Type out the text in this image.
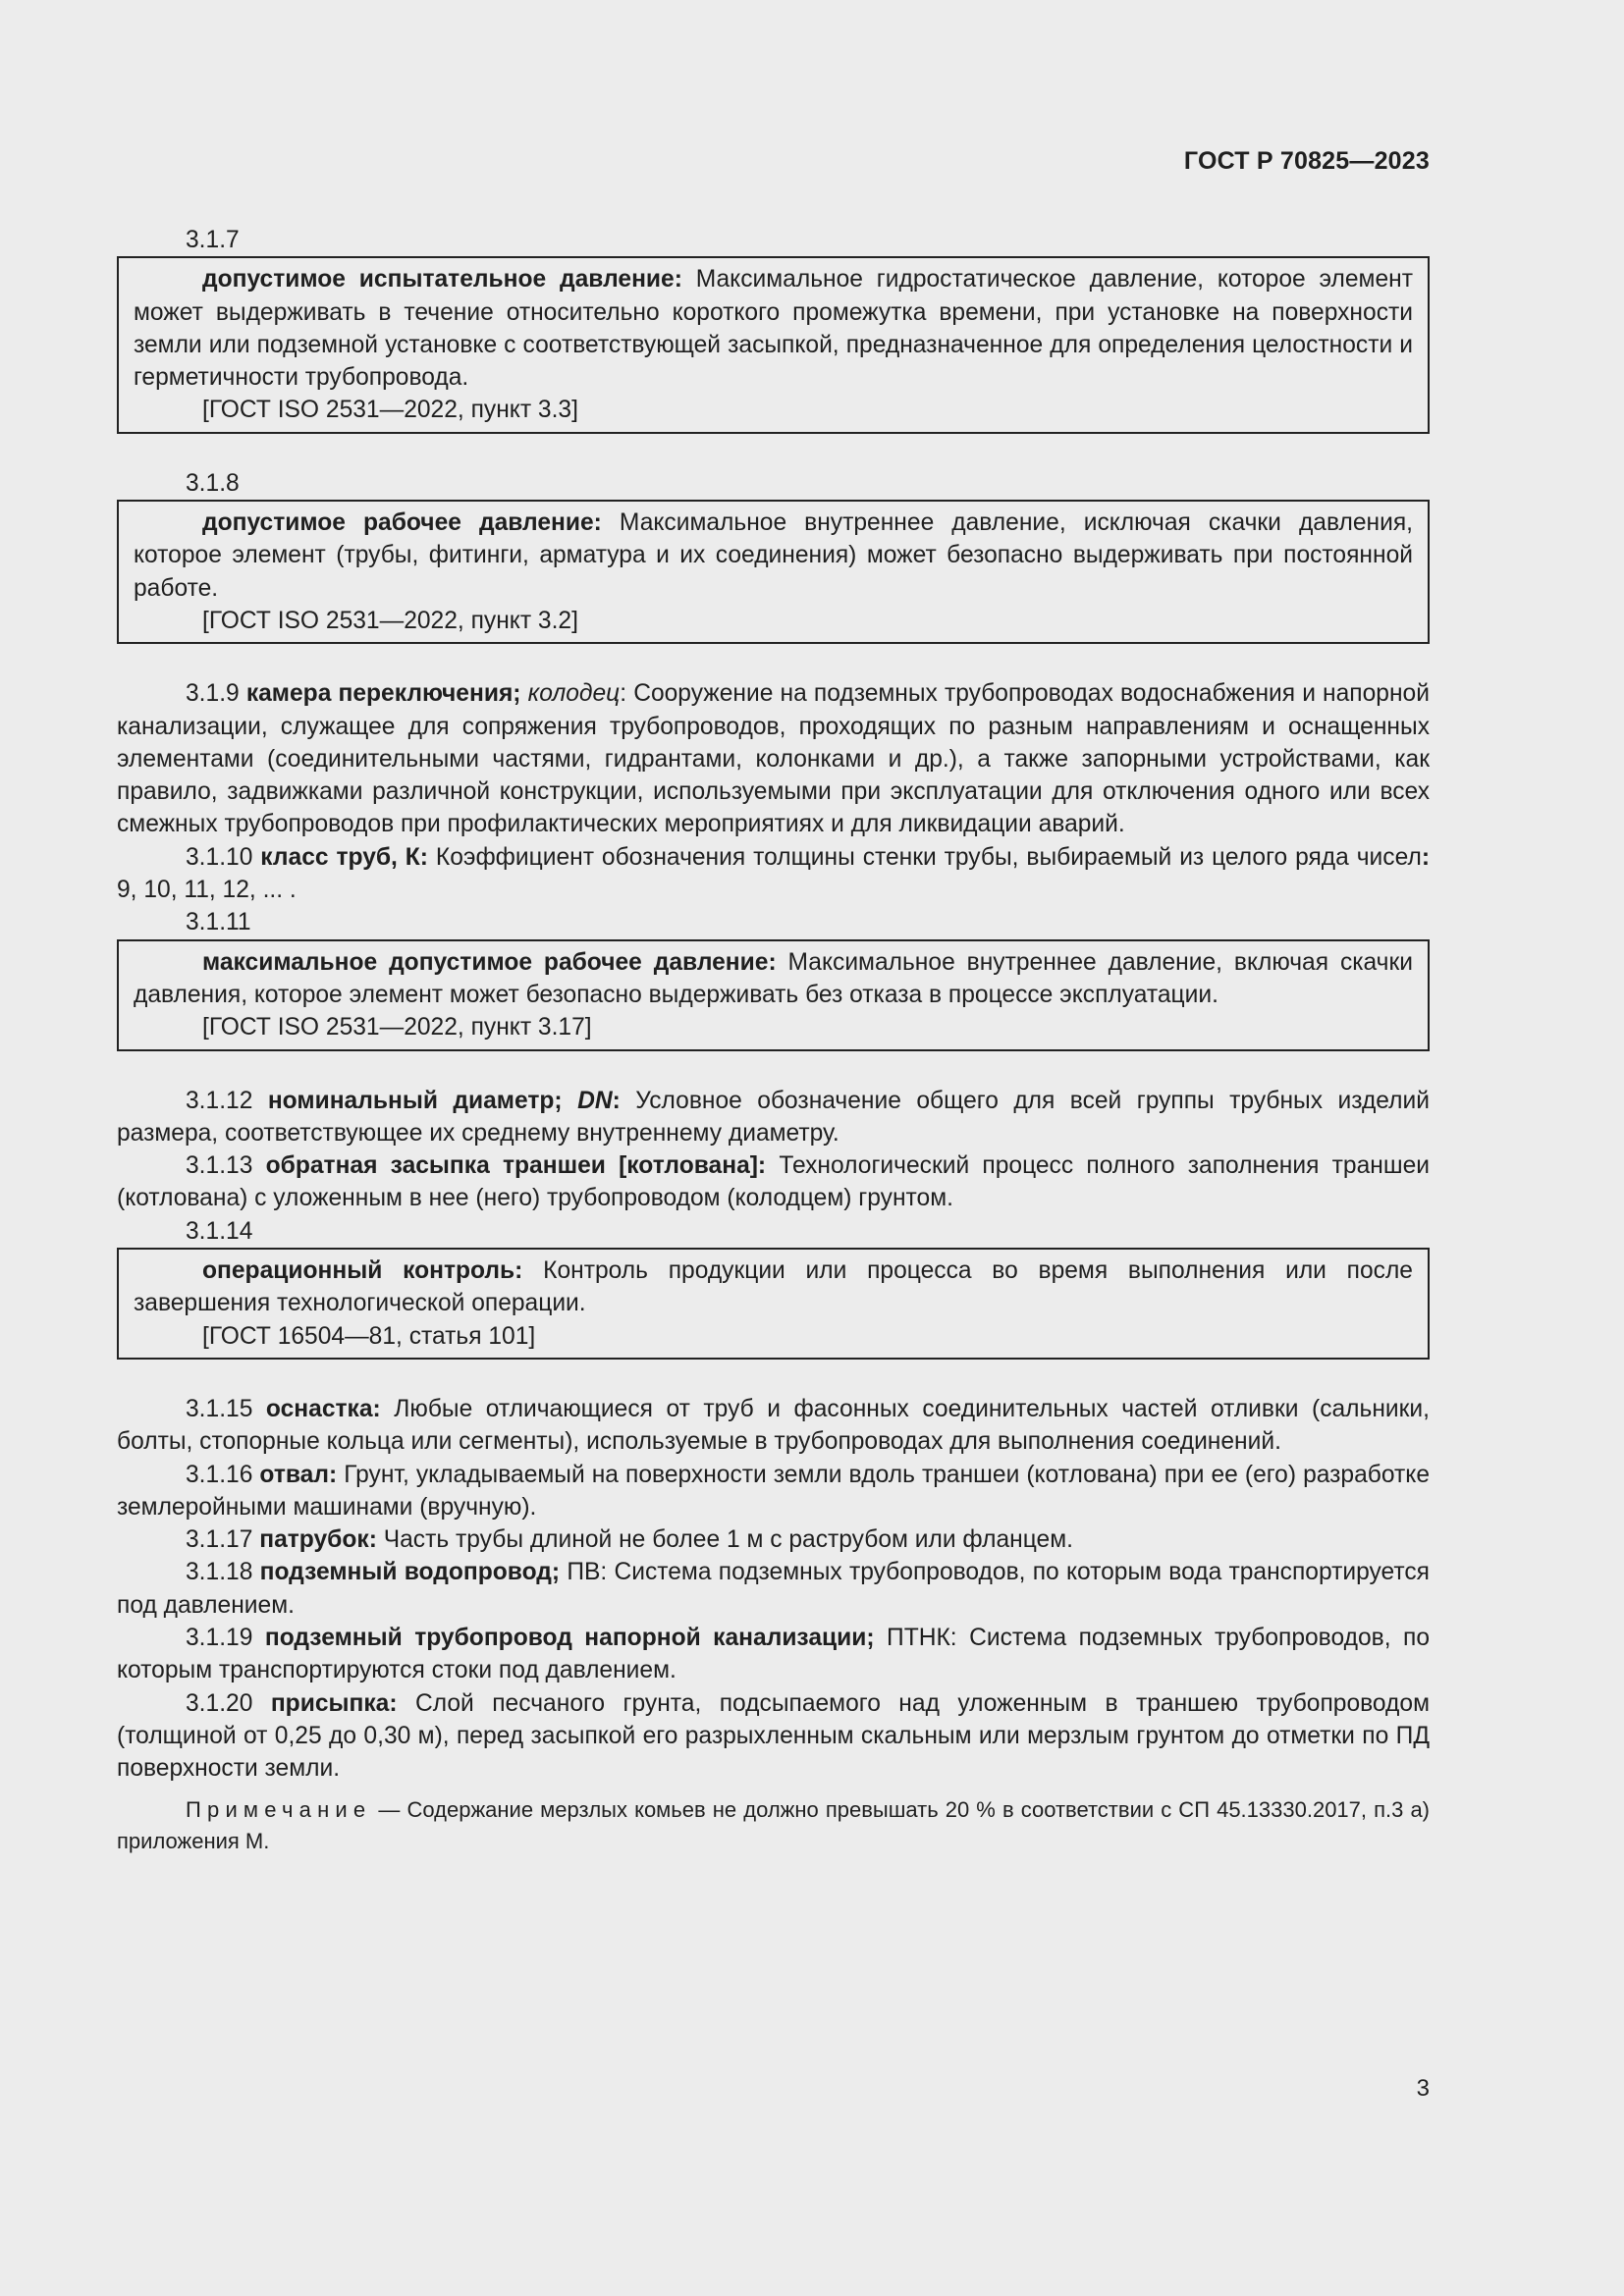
ГОСТ Р 70825—2023
3.1.7

допустимое испытательное давление: Максимальное гидростатическое давление, которое элемент может выдерживать в течение относительно короткого промежутка времени, при установке на поверхности земли или подземной установке с соответствующей засыпкой, предназначенное для определения целостности и герметичности трубопровода.

[ГОСТ ISO 2531—2022, пункт 3.3]
3.1.8

допустимое рабочее давление: Максимальное внутреннее давление, исключая скачки давления, которое элемент (трубы, фитинги, арматура и их соединения) может безопасно выдерживать при постоянной работе.

[ГОСТ ISO 2531—2022, пункт 3.2]

3.1.9 камера переключения; колодец: Сооружение на подземных трубопроводах водоснабжения и напорной канализации, служащее для сопряжения трубопроводов, проходящих по разным направлениям и оснащенных элементами (соединительными частями, гидрантами, колонками и др.), а также запорными устройствами, как правило, задвижками различной конструкции, используемыми при эксплуатации для отключения одного или всех смежных трубопроводов при профилактических мероприятиях и для ликвидации аварий.

3.1.10 класс труб, К: Коэффициент обозначения толщины стенки трубы, выбираемый из целого ряда чисел: 9, 10, 11, 12, ... .

3.1.11

максимальное допустимое рабочее давление: Максимальное внутреннее давление, включая скачки давления, которое элемент может безопасно выдерживать без отказа в процессе эксплуатации.

[ГОСТ ISO 2531—2022, пункт 3.17]

3.1.12 номинальный диаметр; DN: Условное обозначение общего для всей группы трубных изделий размера, соответствующее их среднему внутреннему диаметру.

3.1.13 обратная засыпка траншеи [котлована]: Технологический процесс полного заполнения траншеи (котлована) с уложенным в нее (него) трубопроводом (колодцем) грунтом.

3.1.14

операционный контроль: Контроль продукции или процесса во время выполнения или после завершения технологической операции.

[ГОСТ 16504—81, статья 101]

3.1.15 оснастка: Любые отличающиеся от труб и фасонных соединительных частей отливки (сальники, болты, стопорные кольца или сегменты), используемые в трубопроводах для выполнения соединений.

3.1.16 отвал: Грунт, укладываемый на поверхности земли вдоль траншеи (котлована) при ее (его) разработке землеройными машинами (вручную).

3.1.17 патрубок: Часть трубы длиной не более 1 м с раструбом или фланцем.

3.1.18 подземный водопровод; ПВ: Система подземных трубопроводов, по которым вода транспортируется под давлением.

3.1.19 подземный трубопровод напорной канализации; ПТНК: Система подземных трубопроводов, по которым транспортируются стоки под давлением.

3.1.20 присыпка: Слой песчаного грунта, подсыпаемого над уложенным в траншею трубопроводом (толщиной от 0,25 до 0,30 м), перед засыпкой его разрыхленным скальным или мерзлым грунтом до отметки по ПД поверхности земли.

Примечание — Содержание мерзлых комьев не должно превышать 20 % в соответствии с СП 45.13330.2017, п.3 а) приложения М.
3
